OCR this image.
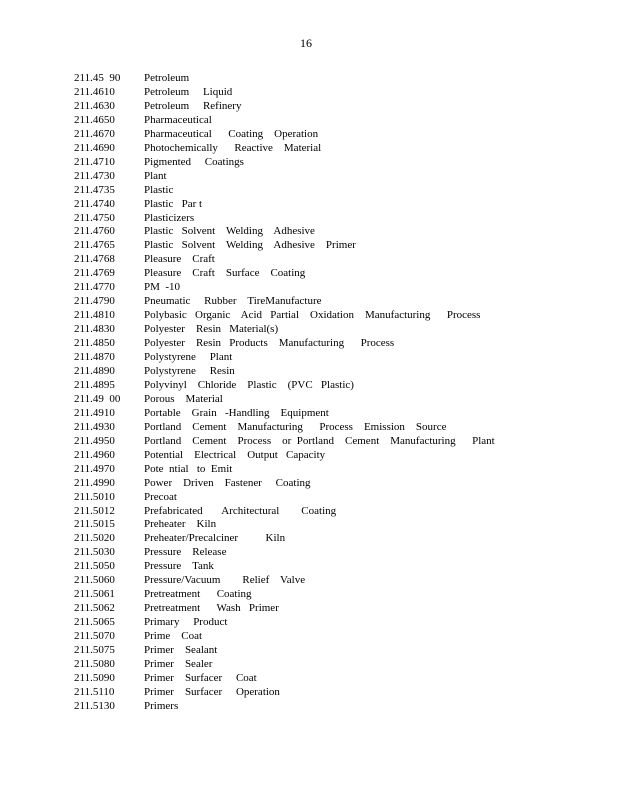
16
211.45  90	Petroleum
211.4610	Petroleum     Liquid
211.4630	Petroleum     Refinery
211.4650	Pharmaceutical
211.4670	Pharmaceutical      Coating    Operation
211.4690	Photochemically      Reactive    Material
211.4710	Pigmented     Coatings
211.4730	Plant
211.4735	Plastic
211.4740	Plastic   Par t
211.4750	Plasticizers
211.4760	Plastic   Solvent    Welding    Adhesive
211.4765	Plastic   Solvent    Welding    Adhesive    Primer
211.4768	Pleasure    Craft
211.4769	Pleasure    Craft    Surface    Coating
211.4770	PM  -10
211.4790	Pneumatic     Rubber    TireManufacture
211.4810	Polybasic   Organic    Acid   Partial    Oxidation    Manufacturing      Process
211.4830	Polyester    Resin   Material(s)
211.4850	Polyester    Resin   Products    Manufacturing      Process
211.4870	Polystyrene     Plant
211.4890	Polystyrene     Resin
211.4895	Polyvinyl    Chloride    Plastic    (PVC   Plastic)
211.49  00	Porous    Material
211.4910	Portable    Grain   -Handling    Equipment
211.4930	Portland    Cement    Manufacturing      Process    Emission    Source
211.4950	Portland    Cement    Process    or  Portland    Cement    Manufacturing      Plant
211.4960	Potential    Electrical    Output   Capacity
211.4970	Pote  ntial   to  Emit
211.4990	Power    Driven    Fastener     Coating
211.5010	Precoat
211.5012	Prefabricated       Architectural        Coating
211.5015	Preheater    Kiln
211.5020	Preheater/Precalciner          Kiln
211.5030	Pressure    Release
211.5050	Pressure    Tank
211.5060	Pressure/Vacuum        Relief    Valve
211.5061	Pretreatment      Coating
211.5062	Pretreatment      Wash   Primer
211.5065	Primary     Product
211.5070	Prime    Coat
211.5075	Primer    Sealant
211.5080	Primer    Sealer
211.5090	Primer    Surfacer     Coat
211.5110	Primer    Surfacer     Operation
211.5130	Primers
